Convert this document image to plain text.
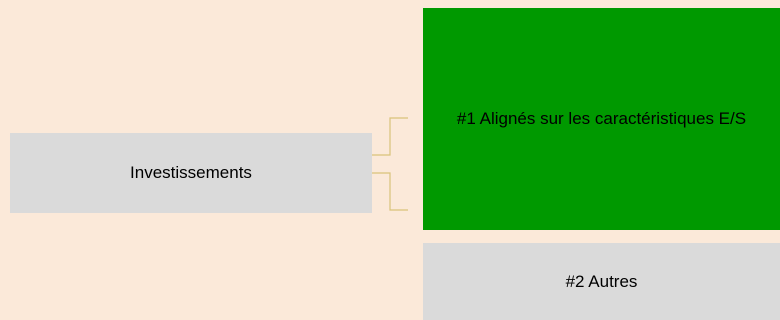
Investissements
#1 Alignés sur les caractéristiques E/S
#2 Autres
